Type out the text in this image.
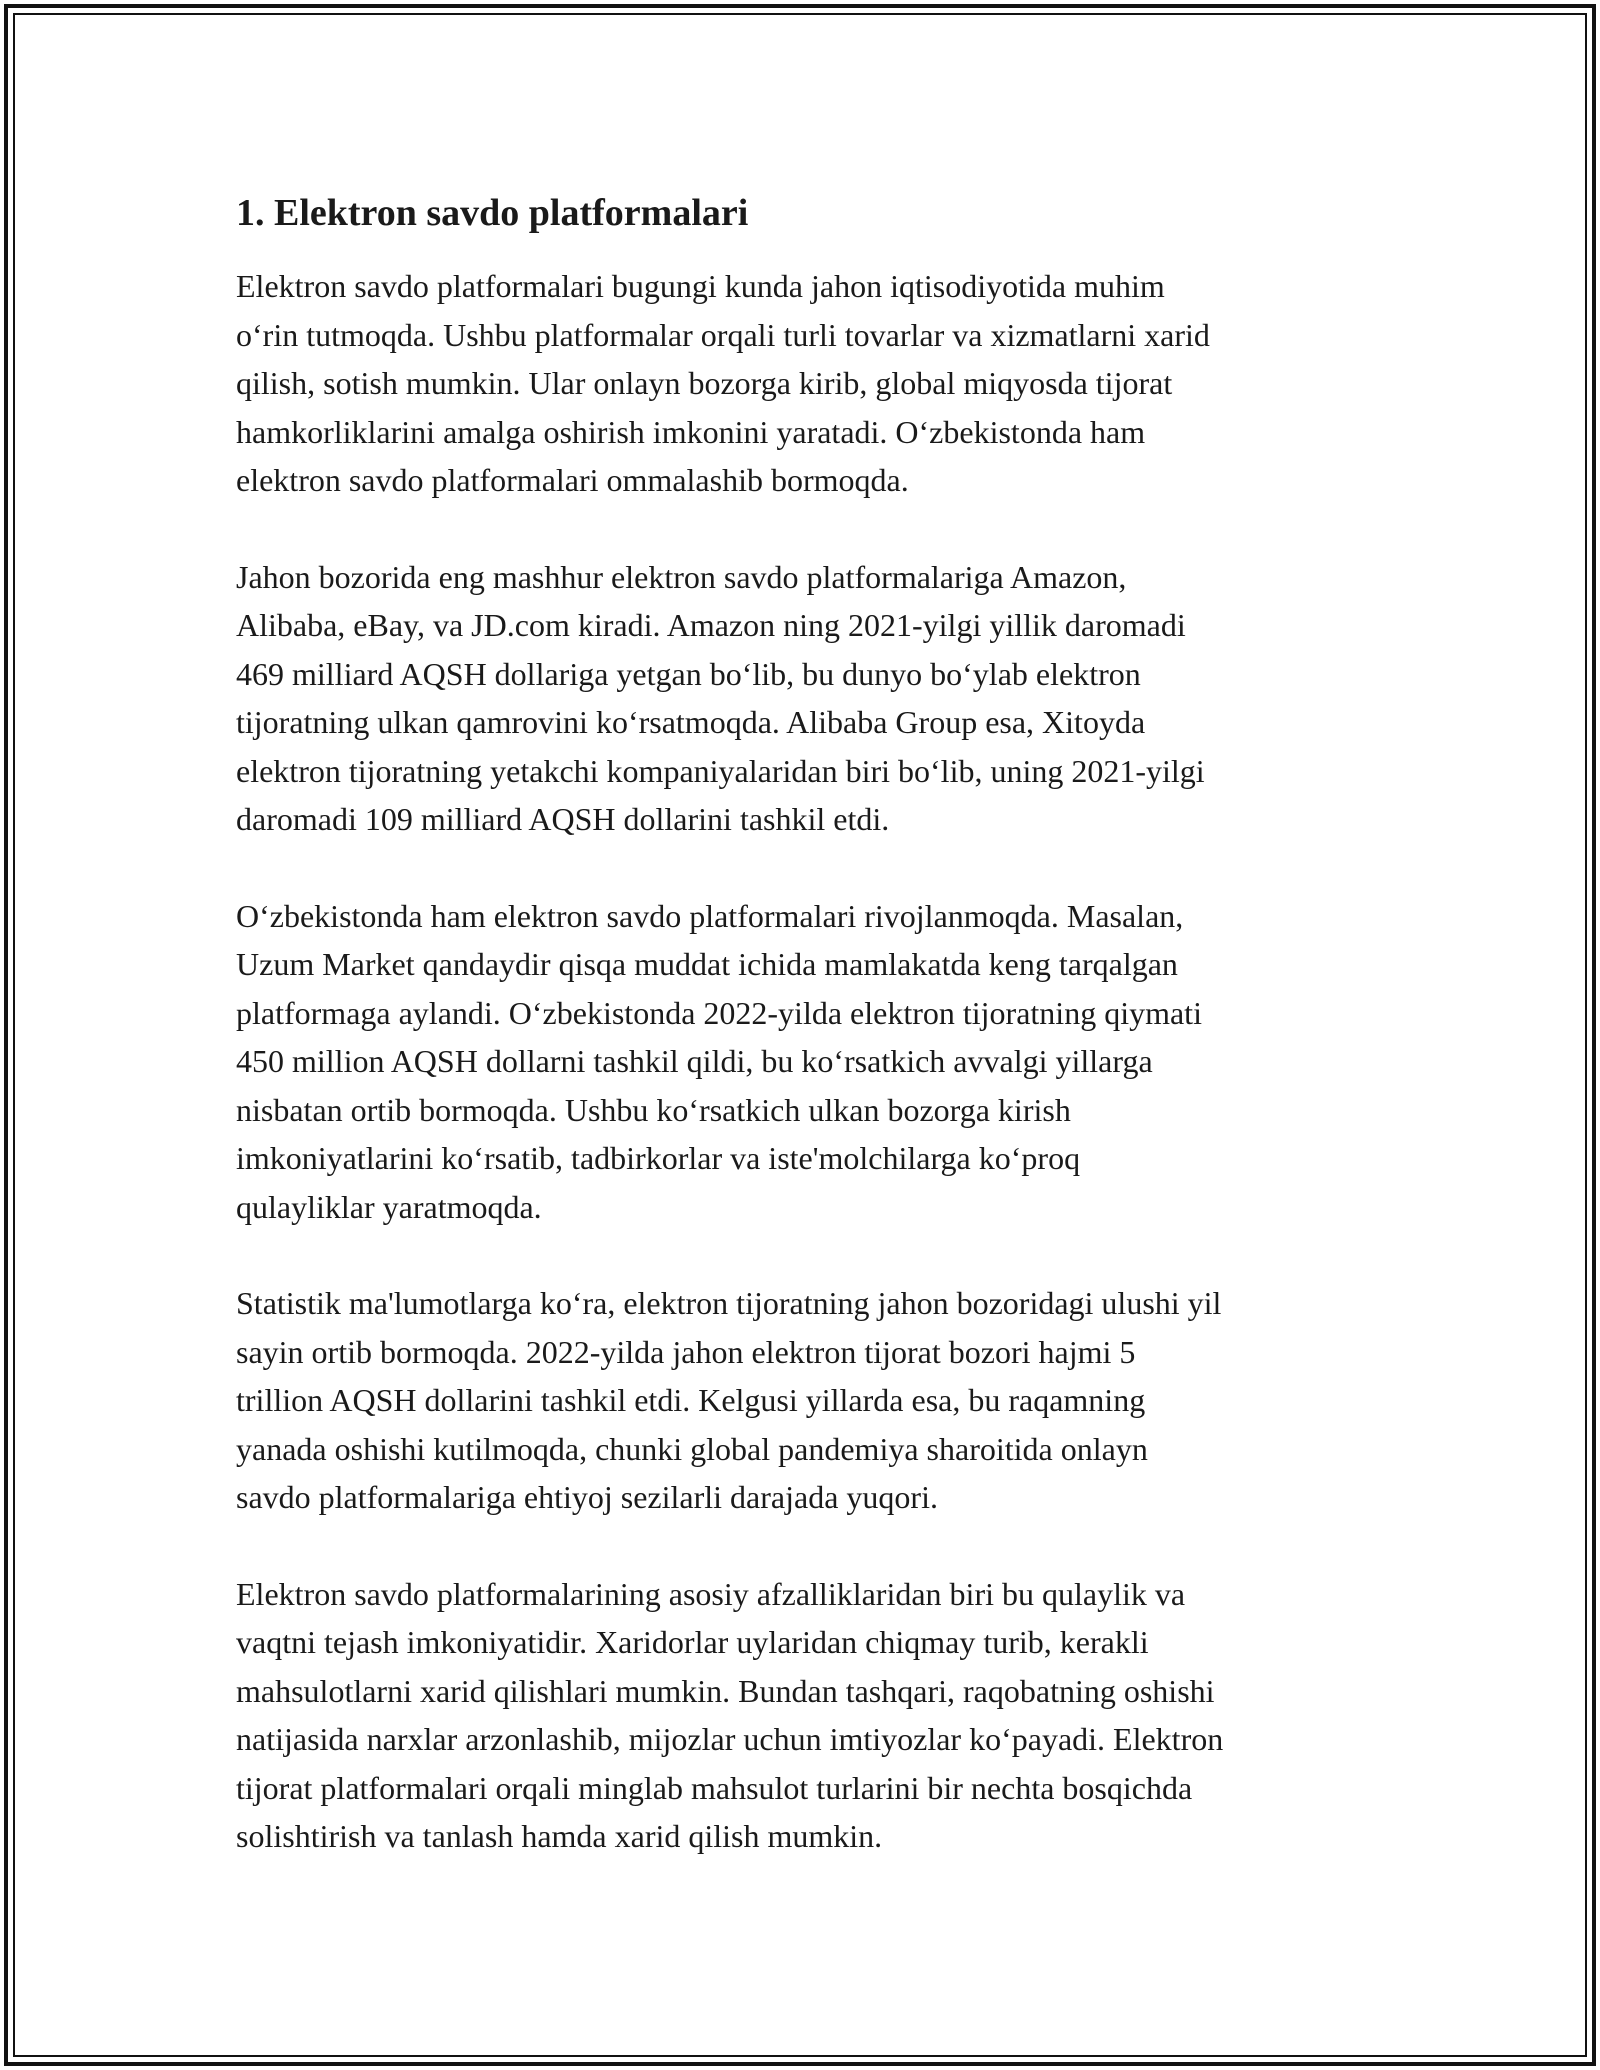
1. Elektron savdo platformalari

Elektron savdo platformalari bugungi kunda jahon iqtisodiyotida muhim
o‘rin tutmoqda. Ushbu platformalar orqali turli tovarlar va xizmatlarni xarid
qilish, sotish mumkin. Ular onlayn bozorga kirib, global miqyosda tijorat
hamkorliklarini amalga oshirish imkonini yaratadi. O‘zbekistonda ham
elektron savdo platformalari ommalashib bormoqda.

Jahon bozorida eng mashhur elektron savdo platformalariga Amazon,
Alibaba, eBay, va JD.com kiradi. Amazon ning 2021-yilgi yillik daromadi
469 milliard AQSH dollariga yetgan bo‘lib, bu dunyo bo‘ylab elektron
tijoratning ulkan qamrovini ko‘rsatmoqda. Alibaba Group esa, Xitoyda
elektron tijoratning yetakchi kompaniyalaridan biri bo‘lib, uning 2021-yilgi
daromadi 109 milliard AQSH dollarini tashkil etdi.

O‘zbekistonda ham elektron savdo platformalari rivojlanmoqda. Masalan,
Uzum Market qandaydir qisqa muddat ichida mamlakatda keng tarqalgan
platformaga aylandi. O‘zbekistonda 2022-yilda elektron tijoratning qiymati
450 million AQSH dollarni tashkil qildi, bu ko‘rsatkich avvalgi yillarga
nisbatan ortib bormoqda. Ushbu ko‘rsatkich ulkan bozorga kirish
imkoniyatlarini ko‘rsatib, tadbirkorlar va iste'molchilarga ko‘proq
qulayliklar yaratmoqda.

Statistik ma'lumotlarga ko‘ra, elektron tijoratning jahon bozoridagi ulushi yil
sayin ortib bormoqda. 2022-yilda jahon elektron tijorat bozori hajmi 5
trillion AQSH dollarini tashkil etdi. Kelgusi yillarda esa, bu raqamning
yanada oshishi kutilmoqda, chunki global pandemiya sharoitida onlayn
savdo platformalariga ehtiyoj sezilarli darajada yuqori.

Elektron savdo platformalarining asosiy afzalliklaridan biri bu qulaylik va
vaqtni tejash imkoniyatidir. Xaridorlar uylaridan chiqmay turib, kerakli
mahsulotlarni xarid qilishlari mumkin. Bundan tashqari, raqobatning oshishi
natijasida narxlar arzonlashib, mijozlar uchun imtiyozlar ko‘payadi. Elektron
tijorat platformalari orqali minglab mahsulot turlarini bir nechta bosqichda
solishtirish va tanlash hamda xarid qilish mumkin.
